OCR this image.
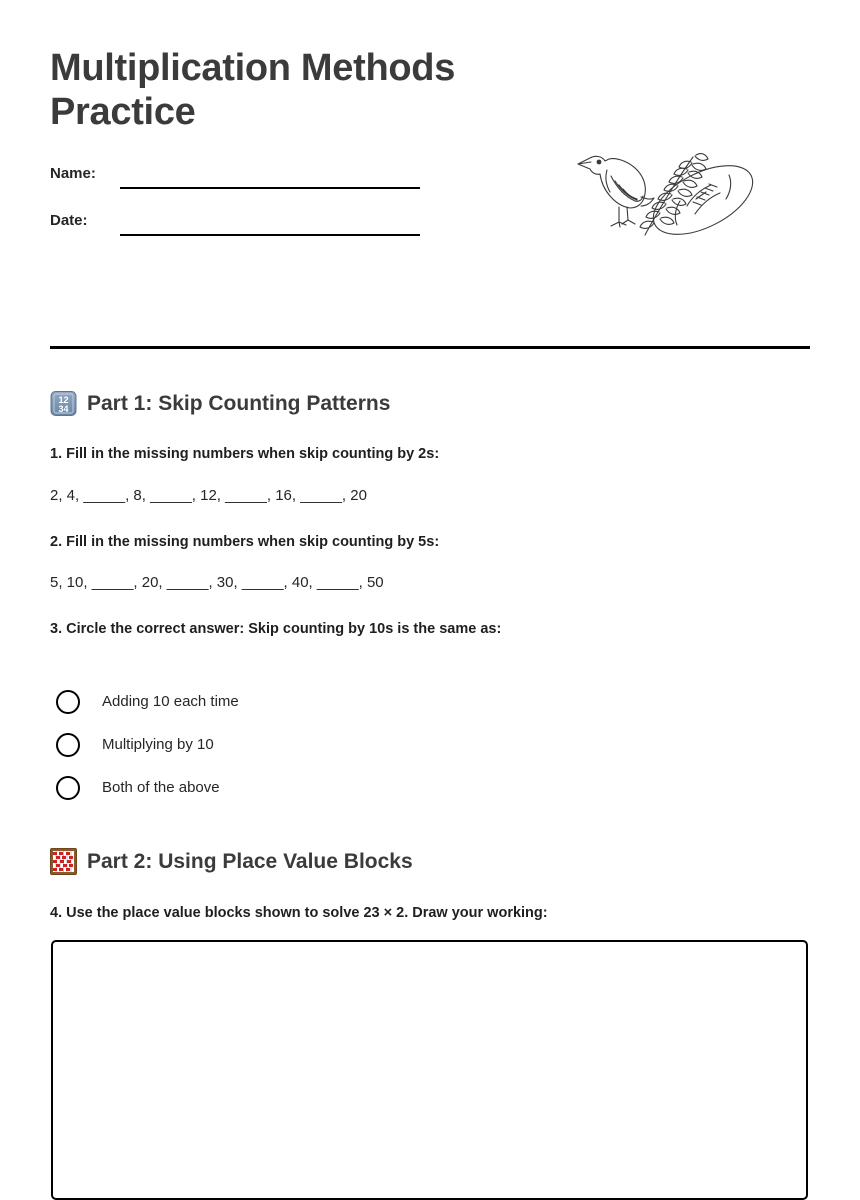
Multiplication Methods Practice
Name:
Date:
12
34 Part 1: Skip Counting Patterns
1. Fill in the missing numbers when skip counting by 2s:
2, 4, _____, 8, _____, 12, _____, 16, _____, 20
2. Fill in the missing numbers when skip counting by 5s:
5, 10, _____, 20, _____, 30, _____, 40, _____, 50
3. Circle the correct answer: Skip counting by 10s is the same as:
Adding 10 each time
Multiplying by 10
Both of the above
Part 2: Using Place Value Blocks
4. Use the place value blocks shown to solve 23 × 2. Draw your working:
